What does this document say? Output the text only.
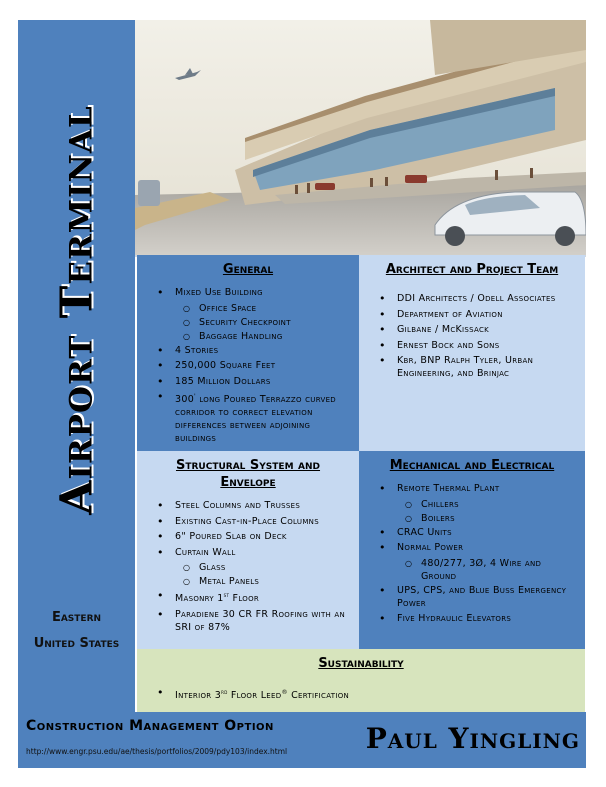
Airport Terminal
Eastern
United States
General
• Mixed Use Building
○ Office Space
○ Security Checkpoint
○ Baggage Handling
• 4 Stories
• 250,000 Square Feet
• 185 Million Dollars
• 300' long Poured Terrazzo curved corridor to correct elevation differences between adjoining buildings
Architect and Project Team
• DDI Architects / Odell Associates
• Department of Aviation
• Gilbane / McKissack
• Ernest Bock and Sons
• Kbr, BNP Ralph Tyler, Urban Engineering, and Brinjac
Structural System and Envelope
• Steel Columns and Trusses
• Existing Cast-in-Place Columns
• 6" Poured Slab on Deck
• Curtain Wall
○ Glass
○ Metal Panels
• Masonry 1st Floor
• Paradiene 30 CR FR Roofing with an SRI of 87%
Mechanical and Electrical
• Remote Thermal Plant
○ Chillers
○ Boilers
• CRAC Units
• Normal Power
○ 480/277, 3Ø, 4 Wire and Ground
• UPS, CPS, and Blue Buss Emergency Power
• Five Hydraulic Elevators
Sustainability
• Interior 3rd Floor Leed® Certification
Construction Management Option
http://www.engr.psu.edu/ae/thesis/portfolios/2009/pdy103/index.html	Paul Yingling
